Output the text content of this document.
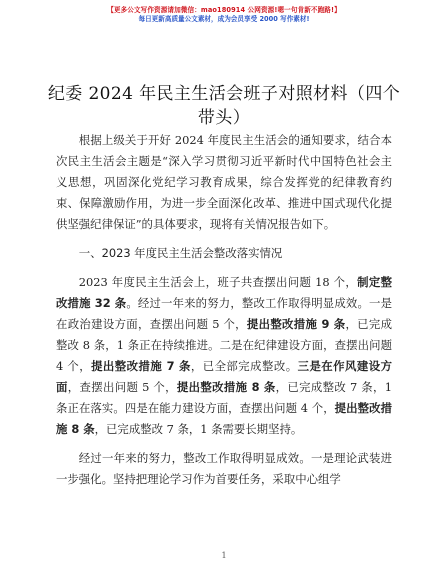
【更多公文写作资源请加微信：mao180914 公网资源!嗯一句肯新不跑路!】
每日更新高质量公文素材，成为会员享受 2000 写作素材!
纪委 2024 年民主生活会班子对照材料（四个带头）

根据上级关于开好 2024 年度民主生活会的通知要求，结合本次民主生活会主题是“深入学习贯彻习近平新时代中国特色社会主义思想，巩固深化党纪学习教育成果，综合发挥党的纪律教育约束、保障激励作用，为进一步全面深化改革、推进中国式现代化提供坚强纪律保证”的具体要求，现将有关情况报告如下。

一、2023 年度民主生活会整改落实情况

2023 年度民主生活会上，班子共查摆出问题 18 个，制定整改措施 32 条。经过一年来的努力，整改工作取得明显成效。一是在政治建设方面，查摆出问题 5 个，提出整改措施 9 条，已完成整改 8 条，1 条正在持续推进。二是在纪律建设方面，查摆出问题 4 个，提出整改措施 7 条，已全部完成整改。三是在作风建设方面，查摆出问题 5 个，提出整改措施 8 条，已完成整改 7 条，1 条正在落实。四是在能力建设方面，查摆出问题 4 个，提出整改措施 8 条，已完成整改 7 条，1 条需要长期坚持。

经过一年来的努力，整改工作取得明显成效。一是理论武装进一步强化。坚持把理论学习作为首要任务，采取中心组学

1
